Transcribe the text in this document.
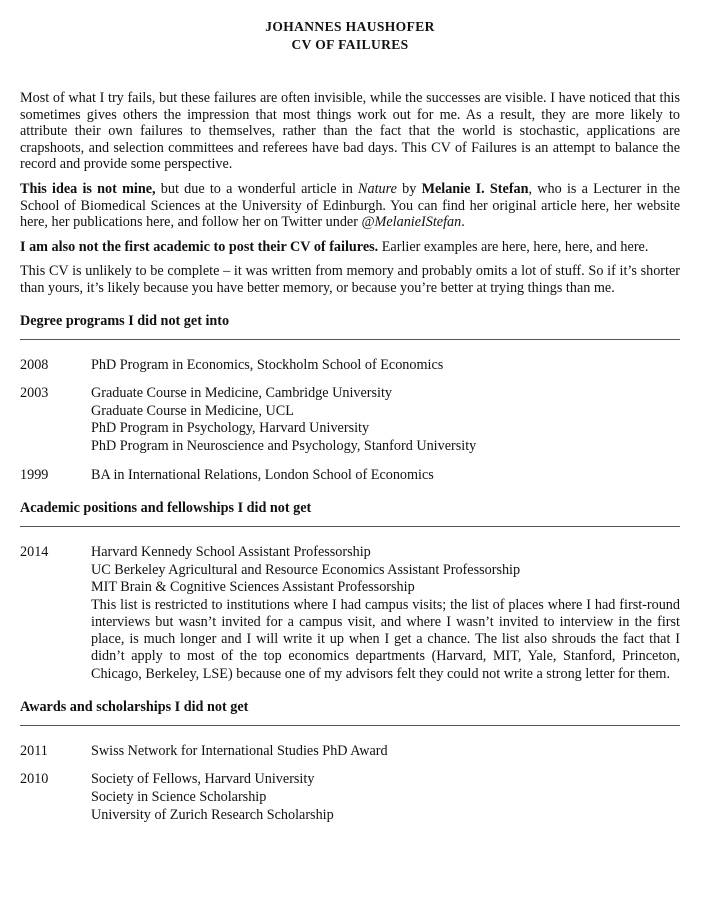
JOHANNES HAUSHOFER
CV OF FAILURES

Most of what I try fails, but these failures are often invisible, while the successes are visible. I have noticed that this sometimes gives others the impression that most things work out for me. As a result, they are more likely to attribute their own failures to themselves, rather than the fact that the world is stochastic, applications are crapshoots, and selection committees and referees have bad days. This CV of Failures is an attempt to balance the record and provide some perspective.

This idea is not mine, but due to a wonderful article in Nature by Melanie I. Stefan, who is a Lecturer in the School of Biomedical Sciences at the University of Edinburgh. You can find her original article here, her website here, her publications here, and follow her on Twitter under @MelanieIStefan.

I am also not the first academic to post their CV of failures. Earlier examples are here, here, here, and here.

This CV is unlikely to be complete – it was written from memory and probably omits a lot of stuff. So if it’s shorter than yours, it’s likely because you have better memory, or because you’re better at trying things than me.

Degree programs I did not get into
2008	PhD Program in Economics, Stockholm School of Economics
2003	Graduate Course in Medicine, Cambridge University
Graduate Course in Medicine, UCL
PhD Program in Psychology, Harvard University
PhD Program in Neuroscience and Psychology, Stanford University
1999	BA in International Relations, London School of Economics
Academic positions and fellowships I did not get
2014	Harvard Kennedy School Assistant Professorship
UC Berkeley Agricultural and Resource Economics Assistant Professorship
MIT Brain & Cognitive Sciences Assistant Professorship
This list is restricted to institutions where I had campus visits; the list of places where I had first-round interviews but wasn’t invited for a campus visit, and where I wasn’t invited to interview in the first place, is much longer and I will write it up when I get a chance. The list also shrouds the fact that I didn’t apply to most of the top economics departments (Harvard, MIT, Yale, Stanford, Princeton, Chicago, Berkeley, LSE) because one of my advisors felt they could not write a strong letter for them.
Awards and scholarships I did not get
2011	Swiss Network for International Studies PhD Award
2010	Society of Fellows, Harvard University
Society in Science Scholarship
University of Zurich Research Scholarship
